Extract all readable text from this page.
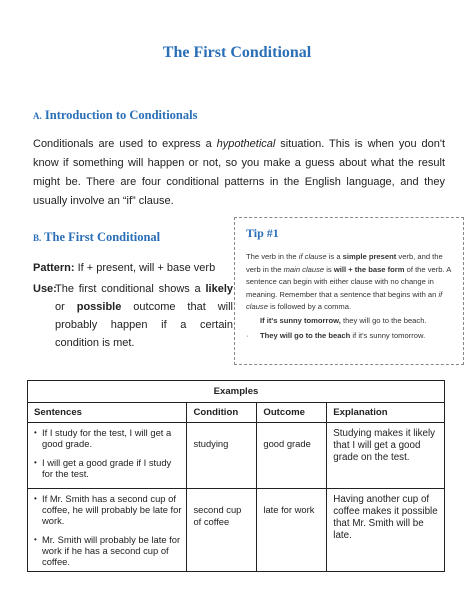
The First Conditional
A. Introduction to Conditionals
Conditionals are used to express a hypothetical situation. This is when you don't know if something will happen or not, so you make a guess about what the result might be. There are four conditional patterns in the English language, and they usually involve an “if” clause.
B. The First Conditional
Pattern: If + present, will + base verb
Use:
The first conditional shows a likely or possible outcome that will probably happen if a certain condition is met.
Tip #1
The verb in the if clause is a simple present verb, and the verb in the main clause is will + the base form of the verb. A sentence can begin with either clause with no change in meaning. Remember that a sentence that begins with an if clause is followed by a comma.
If it's sunny tomorrow, they will go to the beach.
· They will go to the beach if it's sunny tomorrow.
Examples			
Sentences	Condition	Outcome	Explanation

• If I study for the test, I will get a good grade.
• I will get a good grade if I study for the test.	studying	good grade	Studying makes it likely that I will get a good grade on the test.

• If Mr. Smith has a second cup of coffee, he will probably be late for work.
• Mr. Smith will probably be late for work if he has a second cup of coffee.	second cup of coffee	late for work	Having another cup of coffee makes it possible that Mr. Smith will be late.
